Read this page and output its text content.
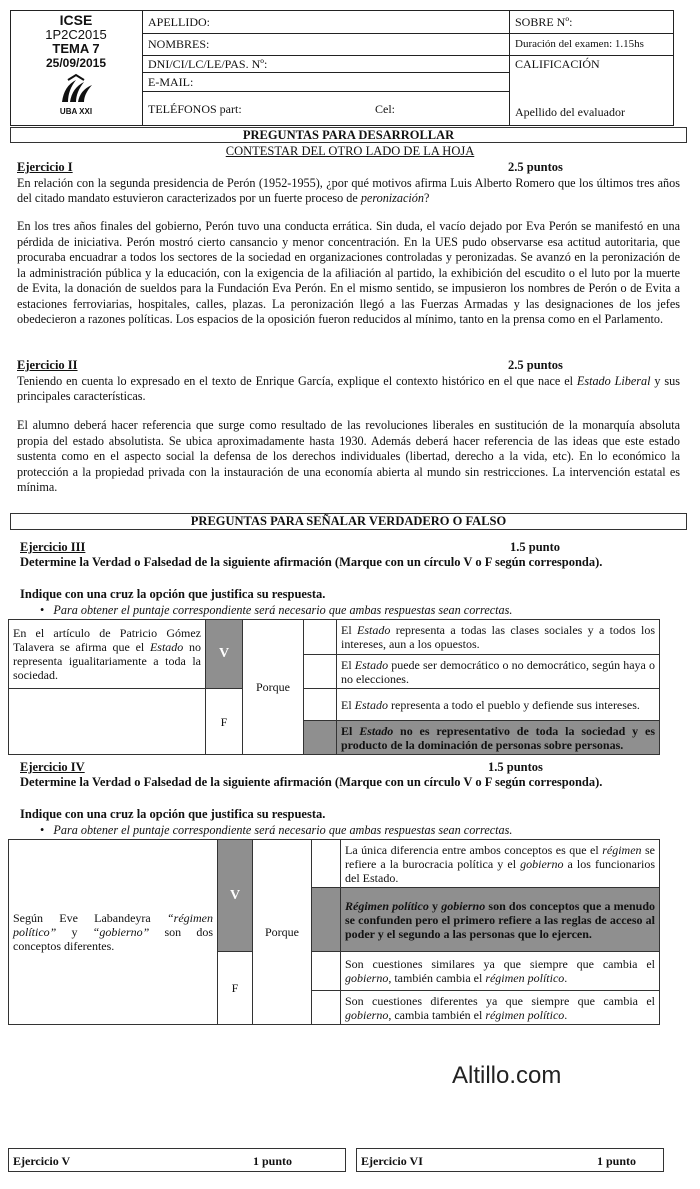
ICSE
1P2C2015
TEMA 7
25/09/2015
UBA XXI
APELLIDO:
NOMBRES:
DNI/CI/LC/LE/PAS. Nº:
E-MAIL:
TELÉFONOS part:	Cel:
SOBRE Nº:
Duración del examen: 1.15hs
CALIFICACIÓN
Apellido del evaluador
PREGUNTAS PARA DESARROLLAR
CONTESTAR DEL OTRO LADO DE LA HOJA
Ejercicio I	2.5 puntos
En relación con la segunda presidencia de Perón (1952-1955), ¿por qué motivos afirma Luis Alberto Romero que los últimos tres años del citado mandato estuvieron caracterizados por un fuerte proceso de peronización?
En los tres años finales del gobierno, Perón tuvo una conducta errática. Sin duda, el vacío dejado por Eva Perón se manifestó en una pérdida de iniciativa. Perón mostró cierto cansancio y menor concentración. En la UES pudo observarse esa actitud autoritaria, que procuraba encuadrar a todos los sectores de la sociedad en organizaciones controladas y peronizadas. Se avanzó en la peronización de la administración pública y la educación, con la exigencia de la afiliación al partido, la exhibición del escudito o el luto por la muerte de Evita, la donación de sueldos para la Fundación Eva Perón. En el mismo sentido, se impusieron los nombres de Perón o de Evita a estaciones ferroviarias, hospitales, calles, plazas. La peronización llegó a las Fuerzas Armadas y las designaciones de los jefes obedecieron a razones políticas. Los espacios de la oposición fueron reducidos al mínimo, tanto en la prensa como en el Parlamento.
Ejercicio II	2.5 puntos
Teniendo en cuenta lo expresado en el texto de Enrique García, explique el contexto histórico en el que nace el Estado Liberal y sus principales características.
El alumno deberá hacer referencia que surge como resultado de las revoluciones liberales en sustitución de la monarquía absoluta propia del estado absolutista. Se ubica aproximadamente hasta 1930. Además deberá hacer referencia de las ideas que este estado sustenta como en el aspecto social la defensa de los derechos individuales (libertad, derecho a la vida, etc). En lo económico la protección a la propiedad privada con la instauración de una economía abierta al mundo sin restricciones. La intervención estatal es mínima.
PREGUNTAS PARA SEÑALAR VERDADERO O FALSO
Ejercicio III	1.5 punto
Determine la Verdad o Falsedad de la siguiente afirmación (Marque con un círculo V o F según corresponda).
Indique con una cruz la opción que justifica su respuesta.
•   Para obtener el puntaje correspondiente será necesario que ambas respuestas sean correctas.
En el artículo de Patricio Gómez Talavera se afirma que el Estado no representa igualitariamente a toda la sociedad.	V	Porque		El Estado representa a todas las clases sociales y a todos los intereses, aun a los opuestos.
				El Estado puede ser democrático o no democrático, según haya o no elecciones.
	F			El Estado representa a todo el pueblo y defiende sus intereses.
				El Estado no es representativo de toda la sociedad y es producto de la dominación de personas sobre personas.
Ejercicio IV	1.5 puntos
Determine la Verdad o Falsedad de la siguiente afirmación (Marque con un círculo V o F según corresponda).
Indique con una cruz la opción que justifica su respuesta.
•   Para obtener el puntaje correspondiente será necesario que ambas respuestas sean correctas.
Según Eve Labandeyra “régimen político” y “gobierno” son dos conceptos diferentes.	V	Porque		La única diferencia entre ambos conceptos es que el régimen se refiere a la burocracia política y el gobierno a los funcionarios del Estado.
				Régimen político y gobierno son dos conceptos que a menudo se confunden pero el primero refiere a las reglas de acceso al poder y el segundo a las personas que lo ejercen.
	F			Son cuestiones similares ya que siempre que cambia el gobierno, también cambia el régimen político.
				Son cuestiones diferentes ya que siempre que cambia el gobierno, cambia también el régimen político.
Altillo.com
Ejercicio V	1 punto	Ejercicio VI	1 punto
